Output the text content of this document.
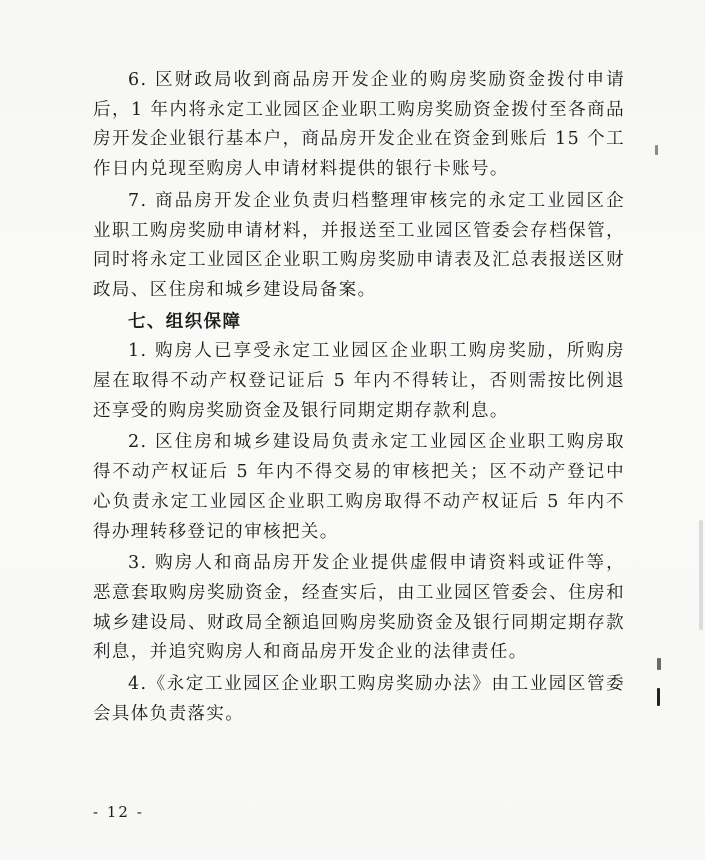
6. 区财政局收到商品房开发企业的购房奖励资金拨付申请后，1 年内将永定工业园区企业职工购房奖励资金拨付至各商品房开发企业银行基本户，商品房开发企业在资金到账后 15 个工作日内兑现至购房人申请材料提供的银行卡账号。

7. 商品房开发企业负责归档整理审核完的永定工业园区企业职工购房奖励申请材料，并报送至工业园区管委会存档保管，同时将永定工业园区企业职工购房奖励申请表及汇总表报送区财政局、区住房和城乡建设局备案。

七、组织保障

1. 购房人已享受永定工业园区企业职工购房奖励，所购房屋在取得不动产权登记证后 5 年内不得转让，否则需按比例退还享受的购房奖励资金及银行同期定期存款利息。

2. 区住房和城乡建设局负责永定工业园区企业职工购房取得不动产权证后 5 年内不得交易的审核把关；区不动产登记中心负责永定工业园区企业职工购房取得不动产权证后 5 年内不得办理转移登记的审核把关。

3. 购房人和商品房开发企业提供虚假申请资料或证件等，恶意套取购房奖励资金，经查实后，由工业园区管委会、住房和城乡建设局、财政局全额追回购房奖励资金及银行同期定期存款利息，并追究购房人和商品房开发企业的法律责任。

4.《永定工业园区企业职工购房奖励办法》由工业园区管委会具体负责落实。

- 12 -
